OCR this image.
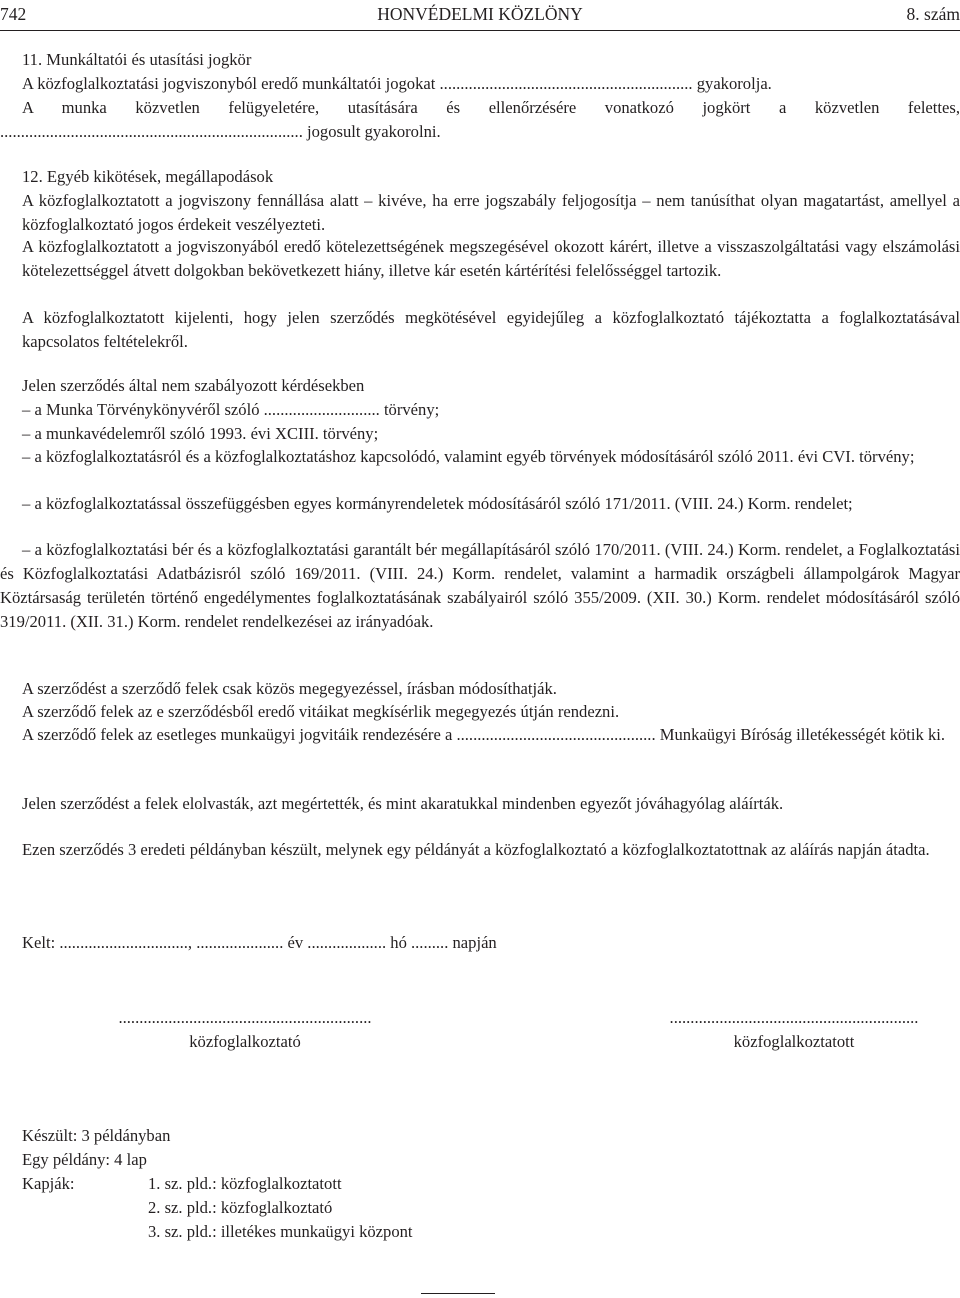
742	HONVÉDELMI KÖZLÖNY	8. szám

11. Munkáltatói és utasítási jogkör

A közfoglalkoztatási jogviszonyból eredő munkáltatói jogokat ............................................................. gyakorolja.

A munka közvetlen felügyeletére, utasítására és ellenőrzésére vonatkozó jogkört a közvetlen felettes,

......................................................................... jogosult gyakorolni.

12. Egyéb kikötések, megállapodások

A közfoglalkoztatott a jogviszony fennállása alatt – kivéve, ha erre jogszabály feljogosítja – nem tanúsíthat olyan magatartást, amellyel a közfoglalkoztató jogos érdekeit veszélyezteti.

A közfoglalkoztatott a jogviszonyából eredő kötelezettségének megszegésével okozott kárért, illetve a visszaszolgáltatási vagy elszámolási kötelezettséggel átvett dolgokban bekövetkezett hiány, illetve kár esetén kártérítési felelősséggel tartozik.

A közfoglalkoztatott kijelenti, hogy jelen szerződés megkötésével egyidejűleg a közfoglalkoztató tájékoztatta a foglalkoztatásával kapcsolatos feltételekről.

Jelen szerződés által nem szabályozott kérdésekben

– a Munka Törvénykönyvéről szóló ............................ törvény;

– a munkavédelemről szóló 1993. évi XCIII. törvény;

– a közfoglalkoztatásról és a közfoglalkoztatáshoz kapcsolódó, valamint egyéb törvények módosításáról szóló 2011. évi CVI. törvény;

– a közfoglalkoztatással összefüggésben egyes kormányrendeletek módosításáról szóló 171/2011. (VIII. 24.) Korm. rendelet;

– a közfoglalkoztatási bér és a közfoglalkoztatási garantált bér megállapításáról szóló 170/2011. (VIII. 24.) Korm. rendelet, a Foglalkoztatási és Közfoglalkoztatási Adatbázisról szóló 169/2011. (VIII. 24.) Korm. rendelet, valamint a harmadik országbeli állampolgárok Magyar Köztársaság területén történő engedélymentes foglalkoztatásának szabályairól szóló 355/2009. (XII. 30.) Korm. rendelet módosításáról szóló 319/2011. (XII. 31.) Korm. rendelet rendelkezései az irányadóak.

A szerződést a szerződő felek csak közös megegyezéssel, írásban módosíthatják.

A szerződő felek az e szerződésből eredő vitáikat megkísérlik megegyezés útján rendezni.

A szerződő felek az esetleges munkaügyi jogvitáik rendezésére a ................................................ Munkaügyi Bíróság illetékességét kötik ki.

Jelen szerződést a felek elolvasták, azt megértették, és mint akaratukkal mindenben egyezőt jóváhagyólag aláírták.

Ezen szerződés 3 eredeti példányban készült, melynek egy példányát a közfoglalkoztató a közfoglalkoztatottnak az aláírás napján átadta.

Kelt: ..............................., ..................... év ................... hó ......... napján

.............................................................
közfoglalkoztató
............................................................
közfoglalkoztatott
Készült: 3 példányban
Egy példány: 4 lap
Kapják:	1. sz. pld.: közfoglalkoztatott
2. sz. pld.: közfoglalkoztató
3. sz. pld.: illetékes munkaügyi központ
